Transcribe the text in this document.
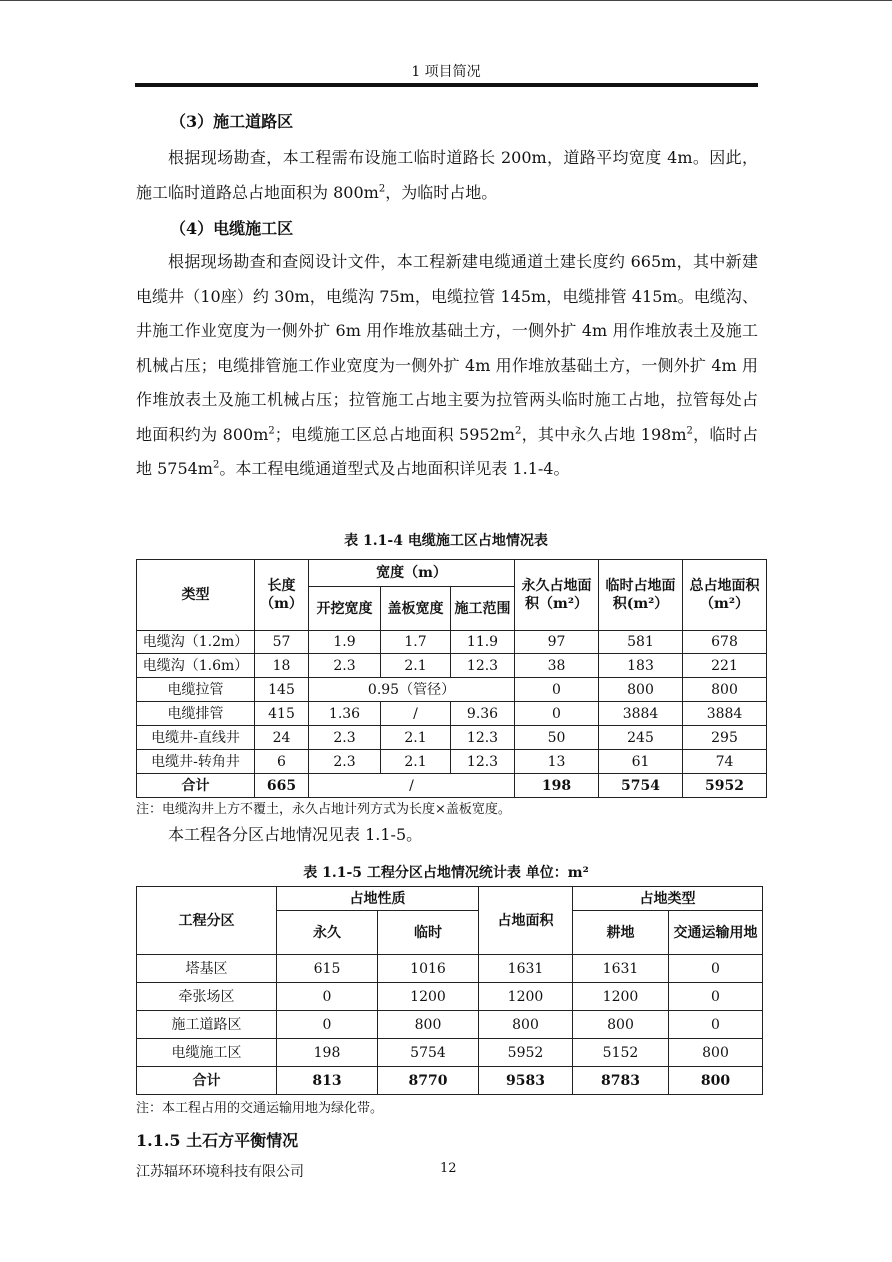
1 项目简况
（3）施工道路区

根据现场勘查，本工程需布设施工临时道路长 200m，道路平均宽度 4m。因此，施工临时道路总占地面积为 $800m^2$，为临时占地。

（4）电缆施工区

根据现场勘查和查阅设计文件，本工程新建电缆通道土建长度约 665m，其中新建电缆井（10座）约 30m，电缆沟 75m，电缆拉管 145m，电缆排管 415m。电缆沟、井施工作业宽度为一侧外扩 6m 用作堆放基础土方，一侧外扩 4m 用作堆放表土及施工机械占压；电缆排管施工作业宽度为一侧外扩 4m 用作堆放基础土方，一侧外扩 4m 用作堆放表土及施工机械占压；拉管施工占地主要为拉管两头临时施工占地，拉管每处占地面积约为 $800m^2$；电缆施工区总占地面积 $5952m^2$，其中永久占地 $198m^2$，临时占地 $5754m^2$。本工程电缆通道型式及占地面积详见表 1.1-4。

表 1.1-4 电缆施工区占地情况表
类型	长度（m）	宽度（m）			永久占地面积（m²）	临时占地面积(m²）	总占地面积（m²）
		开挖宽度	盖板宽度	施工范围			
电缆沟（1.2m）	57	1.9	1.7	11.9	97	581	678
电缆沟（1.6m）	18	2.3	2.1	12.3	38	183	221
电缆拉管	145	0.95（管径）			0	800	800
电缆排管	415	1.36	/	9.36	0	3884	3884
电缆井-直线井	24	2.3	2.1	12.3	50	245	295
电缆井-转角井	6	2.3	2.1	12.3	13	61	74
合计	665	/			198	5754	5952
注：电缆沟井上方不覆土，永久占地计列方式为长度×盖板宽度。

本工程各分区占地情况见表 1.1-5。

表 1.1-5 工程分区占地情况统计表 单位：m²
工程分区	占地性质		占地面积	占地类型	
	永久	临时		耕地	交通运输用地
塔基区	615	1016	1631	1631	0
牵张场区	0	1200	1200	1200	0
施工道路区	0	800	800	800	0
电缆施工区	198	5754	5952	5152	800
合计	813	8770	9583	8783	800
注：本工程占用的交通运输用地为绿化带。
1.1.5 土石方平衡情况
江苏辐环环境科技有限公司	12
